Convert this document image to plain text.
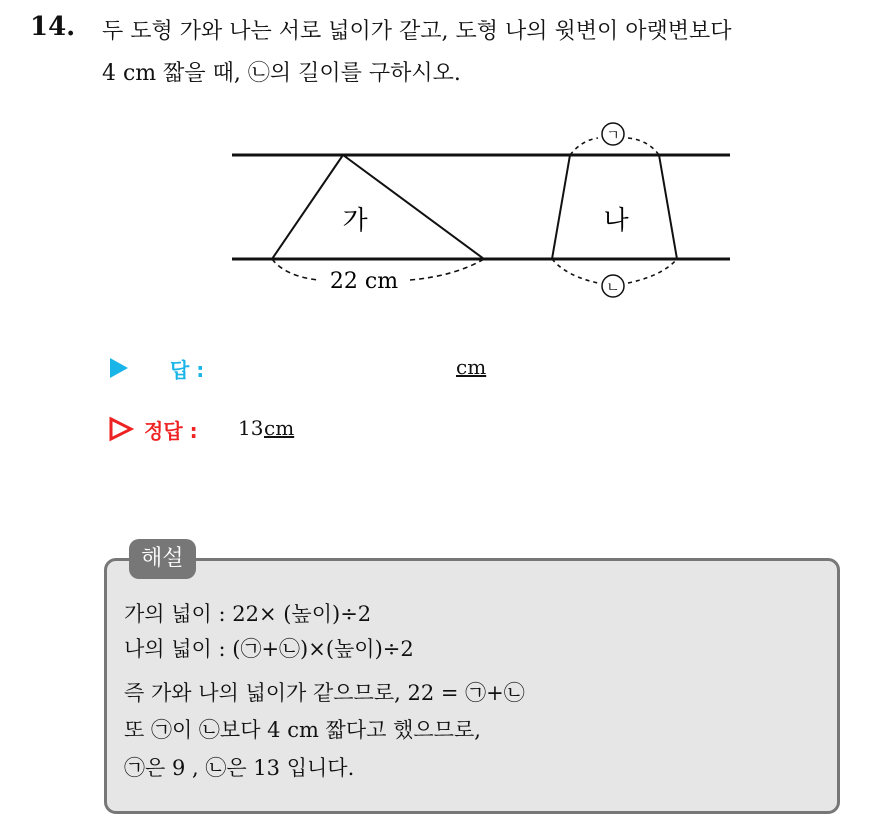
14. 두 도형 가와 나는 서로 넓이가 같고, 도형 나의 윗변이 아랫변보다
4 cm 짧을 때, ㉡의 길이를 구하시오.
22 cm
ㄱ
ㄴ
가	나
답 :	cm
정답 : 13 cm
해설
가의 넓이 : 22× (높이)÷2
나의 넓이 : (㉠+㉡)×(높이)÷2
즉 가와 나의 넓이가 같으므로, 22 = ㉠+㉡
또 ㉠이 ㉡보다 4 cm 짧다고 했으므로,
㉠은 9 , ㉡은 13 입니다.
